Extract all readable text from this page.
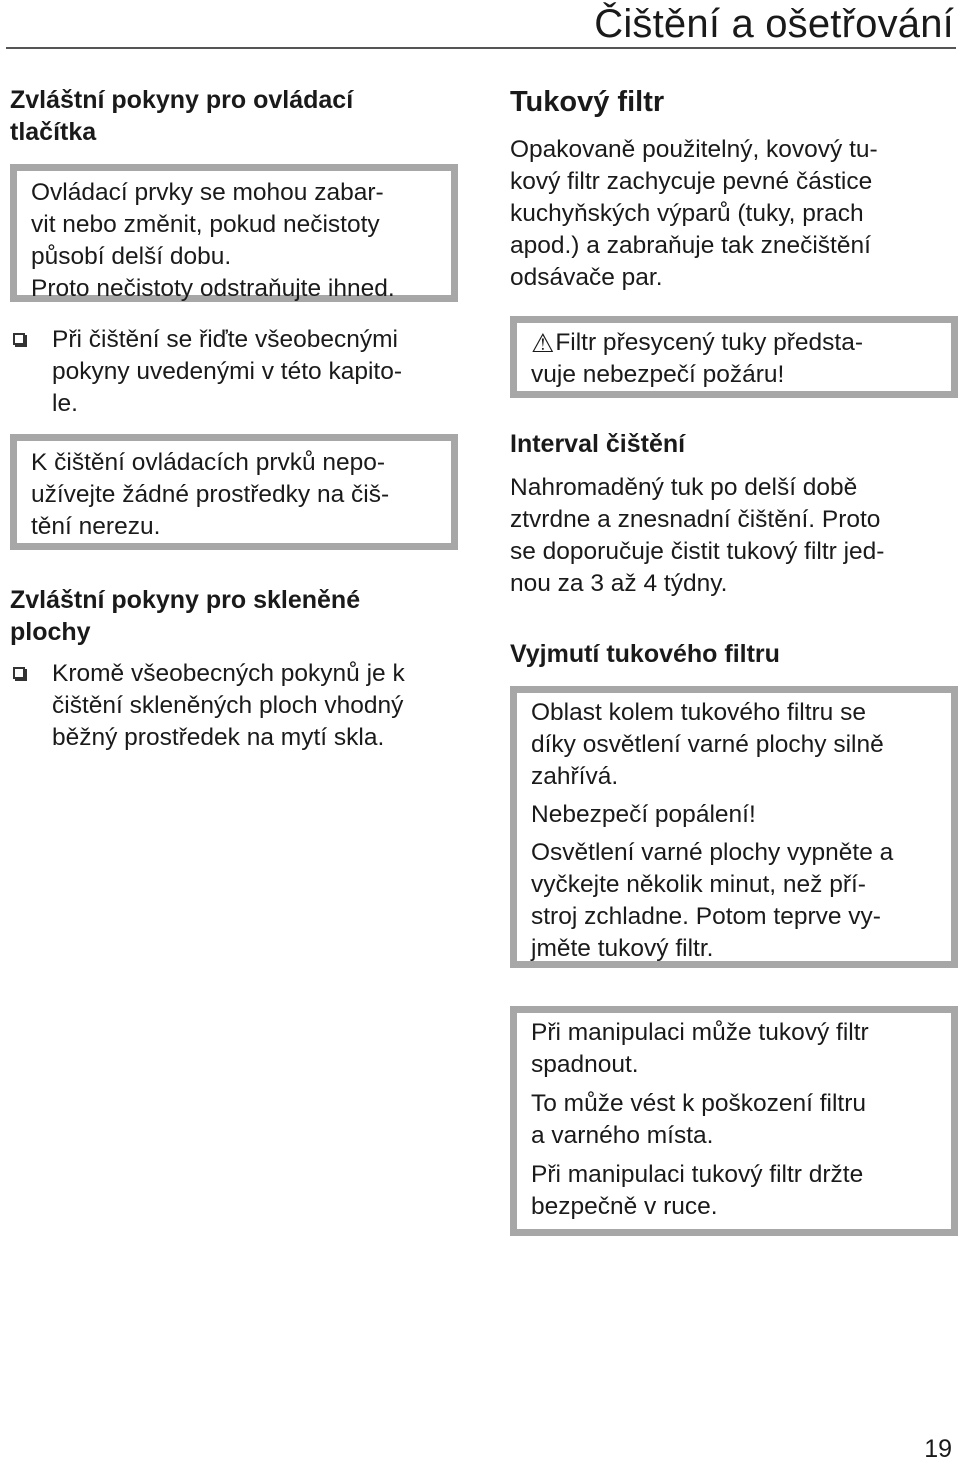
Čištění a ošetřování
Zvláštní pokyny pro ovládací
tlačítka

Ovládací prvky se mohou zabar-

vit nebo změnit, pokud nečistoty

působí delší dobu.

Proto nečistoty odstraňujte ihned.

Při čištění se řiďte všeobecnými

pokyny uvedenými v této kapito-

le.

K čištění ovládacích prvků nepo-

užívejte žádné prostředky na čiš-

tění nerezu.

Zvláštní pokyny pro skleněné
plochy

Kromě všeobecných pokynů je k

čištění skleněných ploch vhodný

běžný prostředek na mytí skla.

Tukový filtr

Opakovaně použitelný, kovový tu-

kový filtr zachycuje pevné částice

kuchyňských výparů (tuky, prach

apod.) a zabraňuje tak znečištění

odsávače par.

⚠Filtr přesycený tuky předsta-

vuje nebezpečí požáru!

Interval čištění

Nahromaděný tuk po delší době

ztvrdne a znesnadní čištění. Proto

se doporučuje čistit tukový filtr jed-

nou za 3 až 4 týdny.

Vyjmutí tukového filtru

Oblast kolem tukového filtru se

díky osvětlení varné plochy silně

zahřívá.

Nebezpečí popálení!

Osvětlení varné plochy vypněte a

vyčkejte několik minut, než pří-

stroj zchladne. Potom teprve vy-

jměte tukový filtr.

Při manipulaci může tukový filtr

spadnout.

To může vést k poškození filtru

a varného místa.

Při manipulaci tukový filtr držte

bezpečně v ruce.

19
